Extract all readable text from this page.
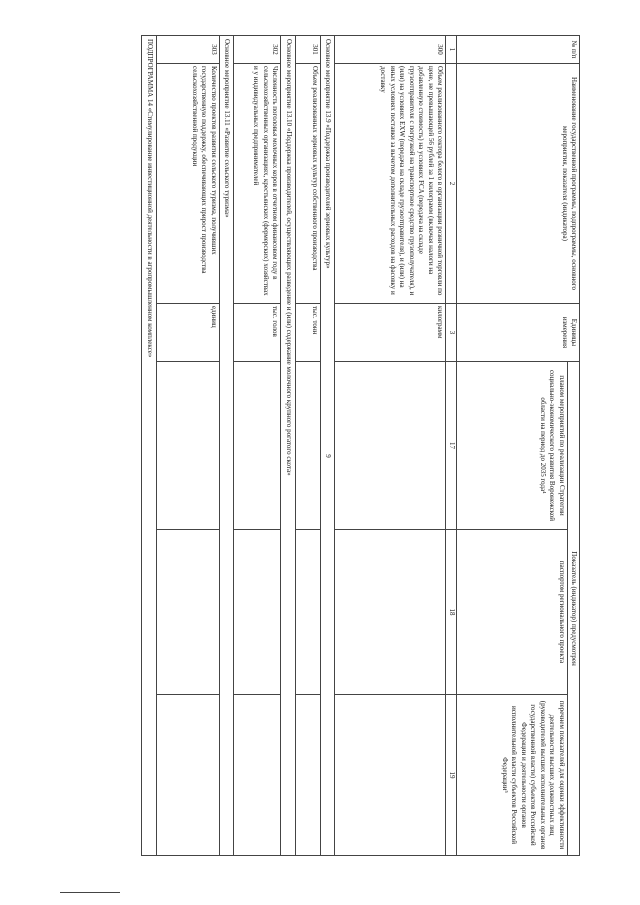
9
№ п/п	Наименование государственной программы, подпрограммы, основного мероприятия, показателя (индикатора)	Единицы измерения	Показатель (индикатор) предусмотрен		
			планом мероприятий по реализации Стратегии социально-экономического развития Воронежской области на период до 2035 года⁴	паспортом регионального проекта	перечнем показателей для оценки эффективности деятельности высших должностных лиц (руководителей высших исполнительных органов государственной власти) субъектов Российской Федерации и деятельности органов исполнительной власти субъектов Российской Федерации⁵
1	2	3	17	18	19
300	Объем реализованного сектора белого в организации розничной торговли по цене, не превышающей 56 рублей за 1 килограмм (включая налоги на добавленную стоимость) на условиях FCA (передача на складе грузоотправителя с погрузкой на транспортное средство грузополучателя), и (или) на условиях EXW (передача на складе грузоотправителя), и (или) на иных условиях поставки за вычетом дополнительных расходов на фасовку и доставку	килограмм			
Основное мероприятие 13.9 «Поддержка производителей зерновых культур»					
301	Объем реализованных зерновых культур собственного производства	тыс. тонн			
Основное мероприятие 13.10 «Поддержка производителей, осуществляющих разведение и (или) содержание молочного крупного рогатого скота»					
302	Численность поголовья молочных коров в отчетном финансовом году в сельскохозяйственных организациях, крестьянских (фермерских) хозяйствах и у индивидуальных предпринимателей	тыс. голов			
Основное мероприятие 13.11 «Развитие сельского туризма»					
303	Количество проектов развития сельского туризма, получивших государственную поддержку, обеспечивающих прирост производства сельскохозяйственной продукции	единиц			
ПОДПРОГРАММА 14 «Стимулирование инвестиционной деятельности в агропромышленном комплексе»					
